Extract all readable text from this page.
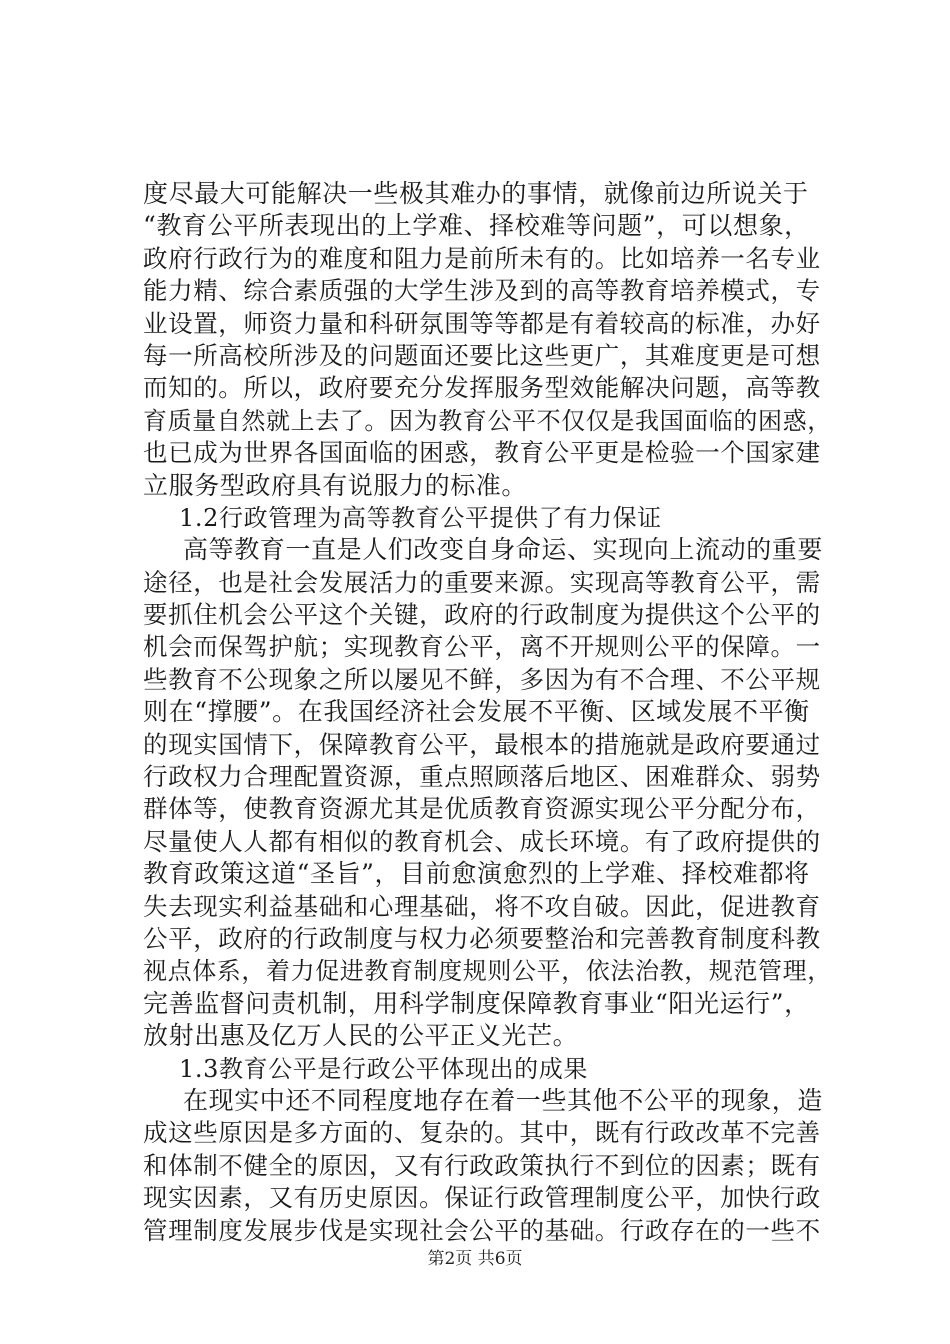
度尽最大可能解决一些极其难办的事情，就像前边所说关于
“教育公平所表现出的上学难、择校难等问题”，可以想象，
政府行政行为的难度和阻力是前所未有的。比如培养一名专业
能力精、综合素质强的大学生涉及到的高等教育培养模式，专
业设置，师资力量和科研氛围等等都是有着较高的标准，办好
每一所高校所涉及的问题面还要比这些更广，其难度更是可想
而知的。所以，政府要充分发挥服务型效能解决问题，高等教
育质量自然就上去了。因为教育公平不仅仅是我国面临的困惑，
也已成为世界各国面临的困惑，教育公平更是检验一个国家建
立服务型政府具有说服力的标准。
1.2行政管理为高等教育公平提供了有力保证
高等教育一直是人们改变自身命运、实现向上流动的重要
途径，也是社会发展活力的重要来源。实现高等教育公平，需
要抓住机会公平这个关键，政府的行政制度为提供这个公平的
机会而保驾护航；实现教育公平，离不开规则公平的保障。一
些教育不公现象之所以屡见不鲜，多因为有不合理、不公平规
则在“撑腰”。在我国经济社会发展不平衡、区域发展不平衡
的现实国情下，保障教育公平，最根本的措施就是政府要通过
行政权力合理配置资源，重点照顾落后地区、困难群众、弱势
群体等，使教育资源尤其是优质教育资源实现公平分配分布，
尽量使人人都有相似的教育机会、成长环境。有了政府提供的
教育政策这道“圣旨”，目前愈演愈烈的上学难、择校难都将
失去现实利益基础和心理基础，将不攻自破。因此，促进教育
公平，政府的行政制度与权力必须要整治和完善教育制度科教
视点体系，着力促进教育制度规则公平，依法治教，规范管理，
完善监督问责机制，用科学制度保障教育事业“阳光运行”，
放射出惠及亿万人民的公平正义光芒。
1.3教育公平是行政公平体现出的成果
在现实中还不同程度地存在着一些其他不公平的现象，造
成这些原因是多方面的、复杂的。其中，既有行政改革不完善
和体制不健全的原因，又有行政政策执行不到位的因素；既有
现实因素，又有历史原因。保证行政管理制度公平，加快行政
管理制度发展步伐是实现社会公平的基础。行政存在的一些不
第2页 共6页
